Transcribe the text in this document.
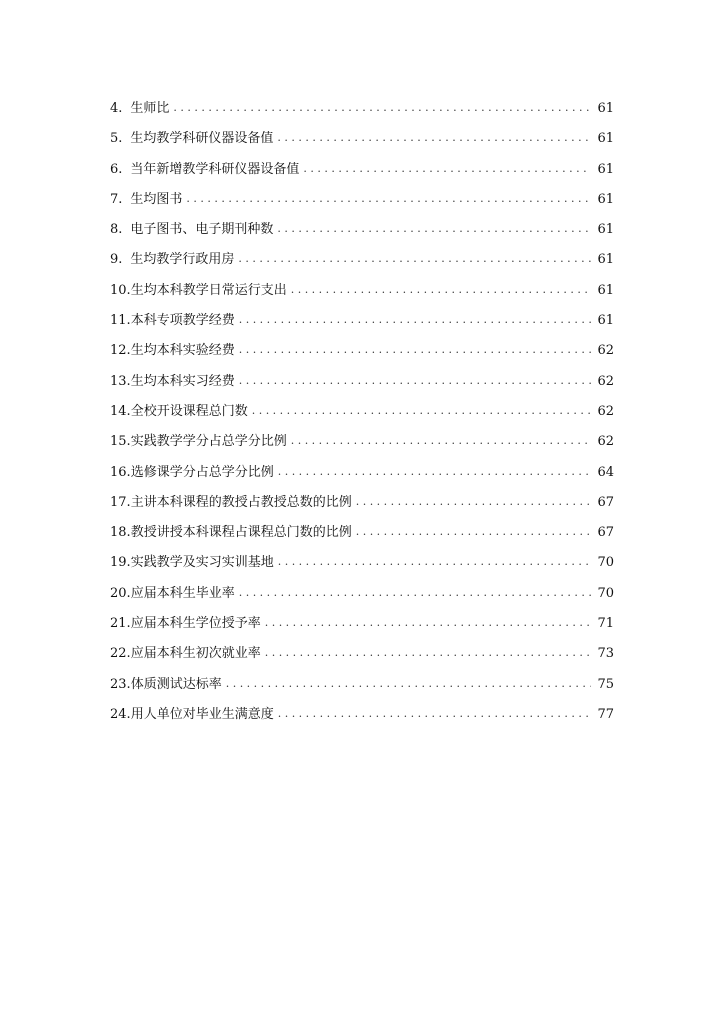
4. 生师比 . . .	61
5. 生均教学科研仪器设备值 . . .	61
6. 当年新增教学科研仪器设备值 . . .	61
7. 生均图书 . . .	61
8. 电子图书、电子期刊种数 . . .	61
9. 生均教学行政用房 . . .	61
10. 生均本科教学日常运行支出 . . .	61
11. 本科专项教学经费 . . .	61
12. 生均本科实验经费 . . .	62
13. 生均本科实习经费 . . .	62
14. 全校开设课程总门数 . . .	62
15. 实践教学学分占总学分比例 . . .	62
16. 选修课学分占总学分比例 . . .	64
17. 主讲本科课程的教授占教授总数的比例 . . .	67
18. 教授讲授本科课程占课程总门数的比例 . . .	67
19. 实践教学及实习实训基地 . . .	70
20. 应届本科生毕业率 . . .	70
21. 应届本科生学位授予率 . . .	71
22. 应届本科生初次就业率 . . .	73
23. 体质测试达标率 . . .	75
24. 用人单位对毕业生满意度 . . .	77
